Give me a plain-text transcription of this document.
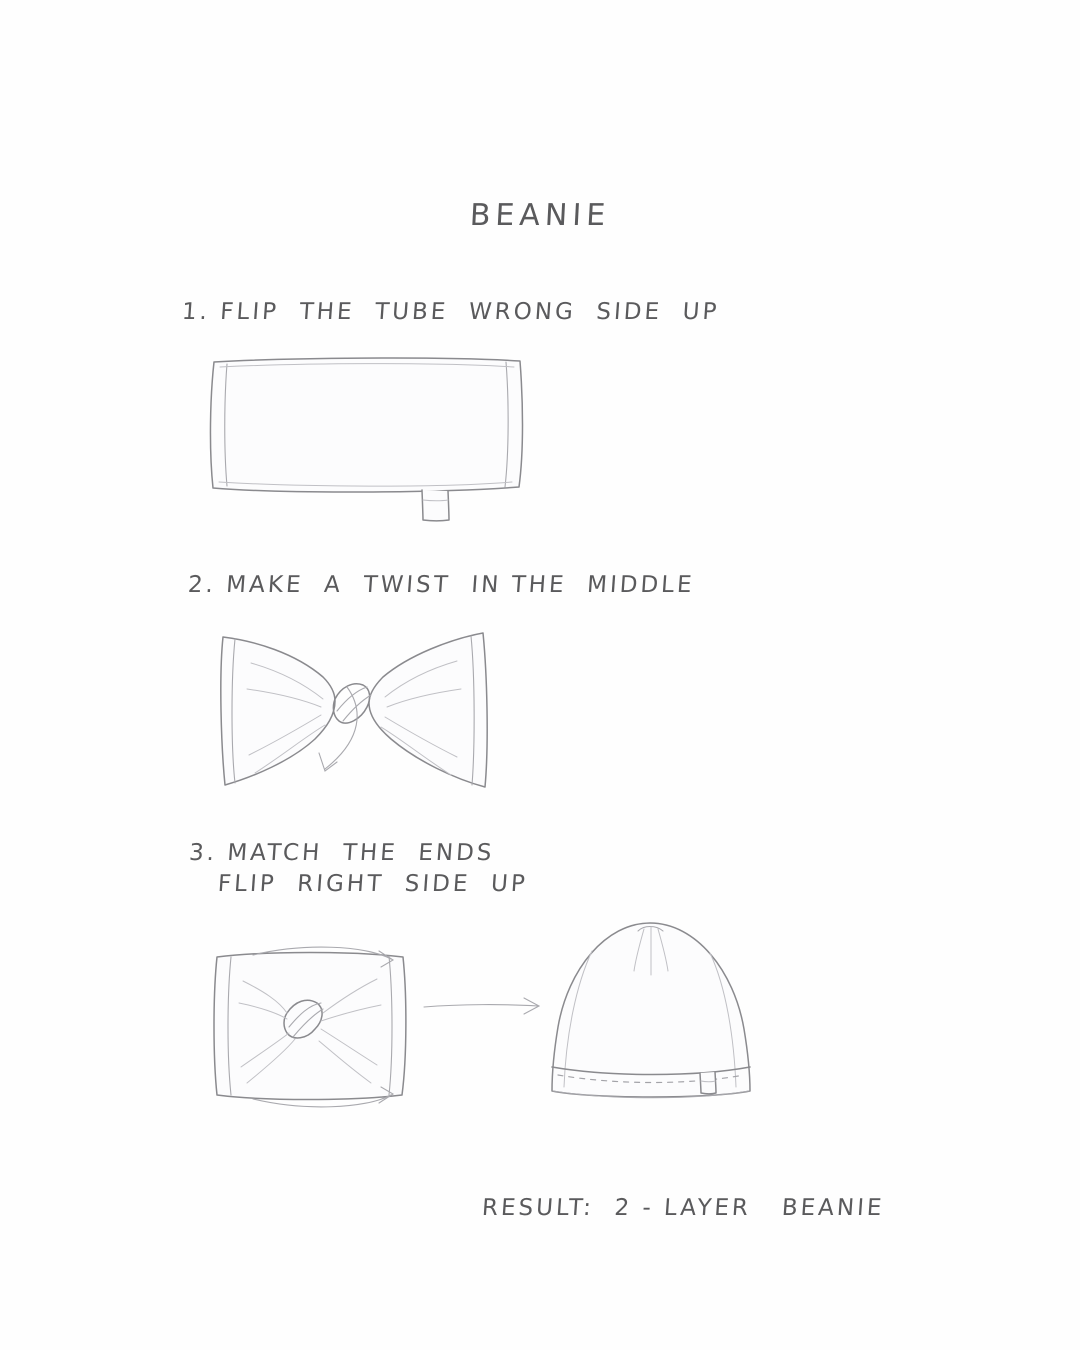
BEANIE
1. FLIP  THE  TUBE  WRONG  SIDE  UP
2. MAKE  A  TWIST  IN THE  MIDDLE
3. MATCH  THE  ENDS
FLIP  RIGHT  SIDE  UP
RESULT:  2 - LAYER   BEANIE
